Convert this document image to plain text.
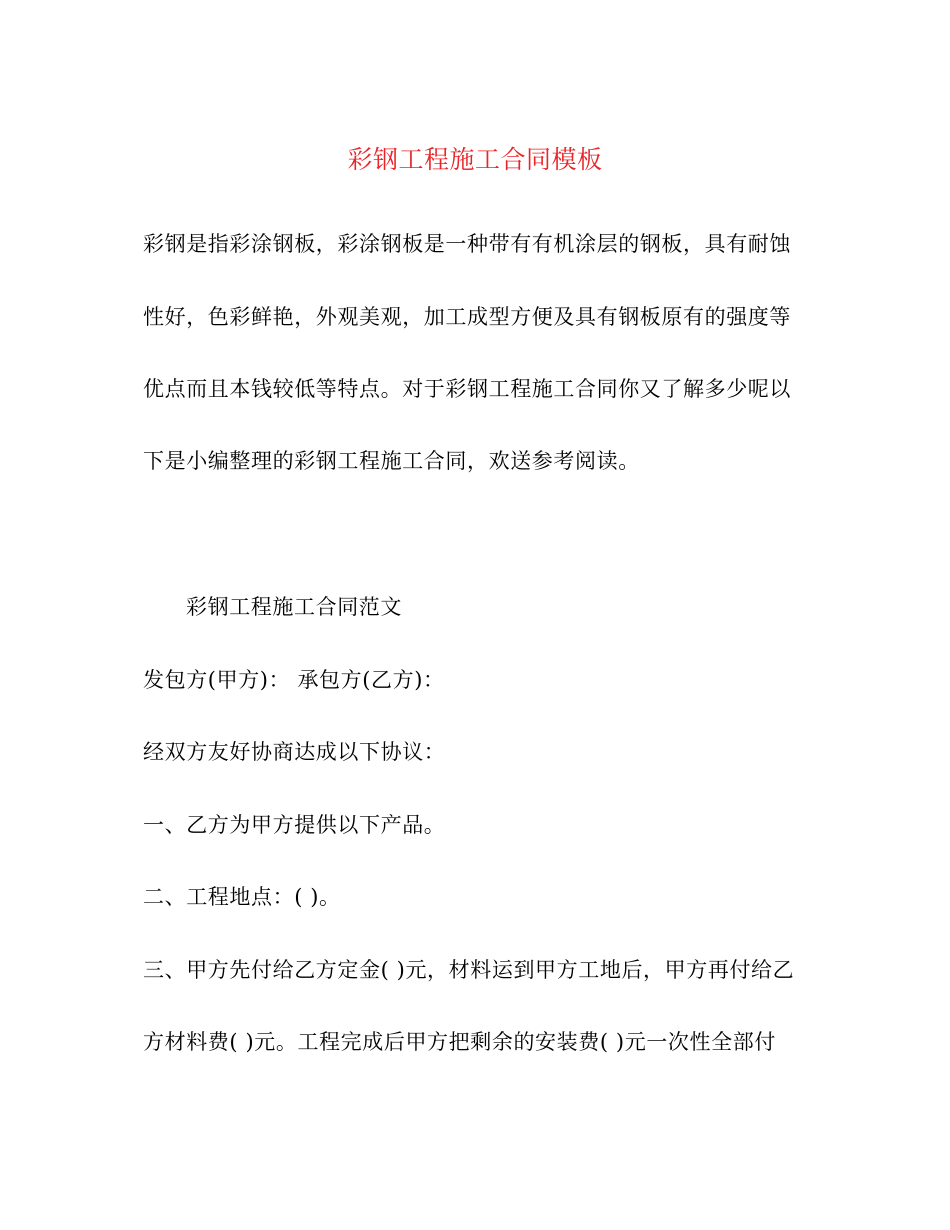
彩钢工程施工合同模板
彩钢是指彩涂钢板，彩涂钢板是一种带有有机涂层的钢板，具有耐蚀
性好，色彩鲜艳，外观美观，加工成型方便及具有钢板原有的强度等
优点而且本钱较低等特点。对于彩钢工程施工合同你又了解多少呢以
下是小编整理的彩钢工程施工合同，欢送参考阅读。
彩钢工程施工合同范文
发包方(甲方)： 承包方(乙方)：
经双方友好协商达成以下协议：
一、乙方为甲方提供以下产品。
二、工程地点：( )。
三、甲方先付给乙方定金( )元，材料运到甲方工地后，甲方再付给乙
方材料费( )元。工程完成后甲方把剩余的安装费( )元一次性全部付
